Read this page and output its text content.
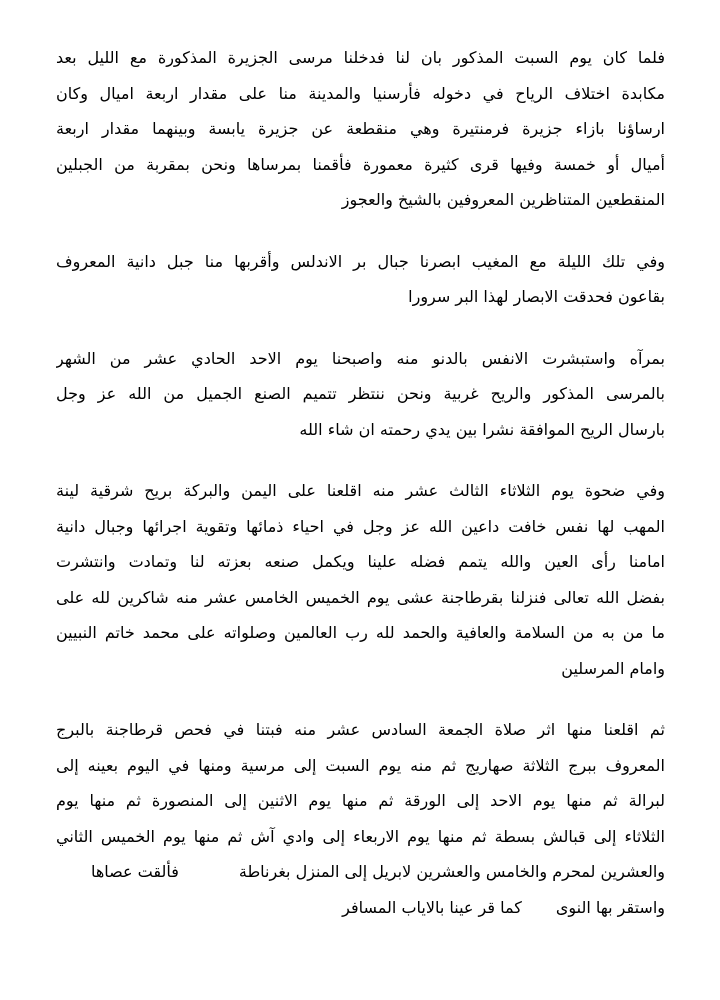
فلما كان يوم السبت المذكور بان لنا فدخلنا مرسى الجزيرة المذكورة مع الليل بعد
مكابدة اختلاف الرياح في دخوله فأرسنيا والمدينة منا على مقدار اربعة اميال وكان
ارساؤنا بازاء جزيرة فرمنتيرة وهي منقطعة عن جزيرة يابسة وبينهما مقدار اربعة
أميال أو خمسة وفيها قرى كثيرة معمورة فأقمنا بمرساها ونحن بمقربة من الجبلين
المنقطعين المتناظرين المعروفين بالشيخ والعجوز
وفي تلك الليلة مع المغيب ابصرنا جبال بر الاندلس وأقربها منا جبل دانية المعروف
بقاعون فحدقت الابصار لهذا البر سرورا
بمرآه واستبشرت الانفس بالدنو منه واصبحنا يوم الاحد الحادي عشر من الشهر
بالمرسى المذكور والريح غربية ونحن ننتظر تتميم الصنع الجميل من الله عز وجل
بارسال الريح الموافقة نشرا بين يدي رحمته ان شاء الله
وفي ضحوة يوم الثلاثاء الثالث عشر منه اقلعنا على اليمن والبركة بريح شرقية لينة
المهب لها نفس خافت داعين الله عز وجل في احياء ذمائها وتقوية اجرائها وجبال دانية
امامنا رأى العين والله يتمم فضله علينا ويكمل صنعه بعزته لنا وتمادت وانتشرت
بفضل الله تعالى فنزلنا بقرطاجنة عشى يوم الخميس الخامس عشر منه شاكرين لله على
ما من به من السلامة والعافية والحمد لله رب العالمين وصلواته على محمد خاتم النبيين
وامام المرسلين
ثم اقلعنا منها اثر صلاة الجمعة السادس عشر منه فبتنا في فحص قرطاجنة بالبرج
المعروف ببرج الثلاثة صهاريج ثم منه يوم السبت إلى مرسية ومنها في اليوم بعينه إلى
لبرالة ثم منها يوم الاحد إلى الورقة ثم منها يوم الاثنين إلى المنصورة ثم منها يوم
الثلاثاء إلى قبالش بسطة ثم منها يوم الاربعاء إلى وادي آش ثم منها يوم الخميس الثاني
والعشرين لمحرم والخامس والعشرين لابريل إلى المنزل بغرناطة
فألقت عصاها
واستقر بها النوى
كما قر عينا بالاياب المسافر
